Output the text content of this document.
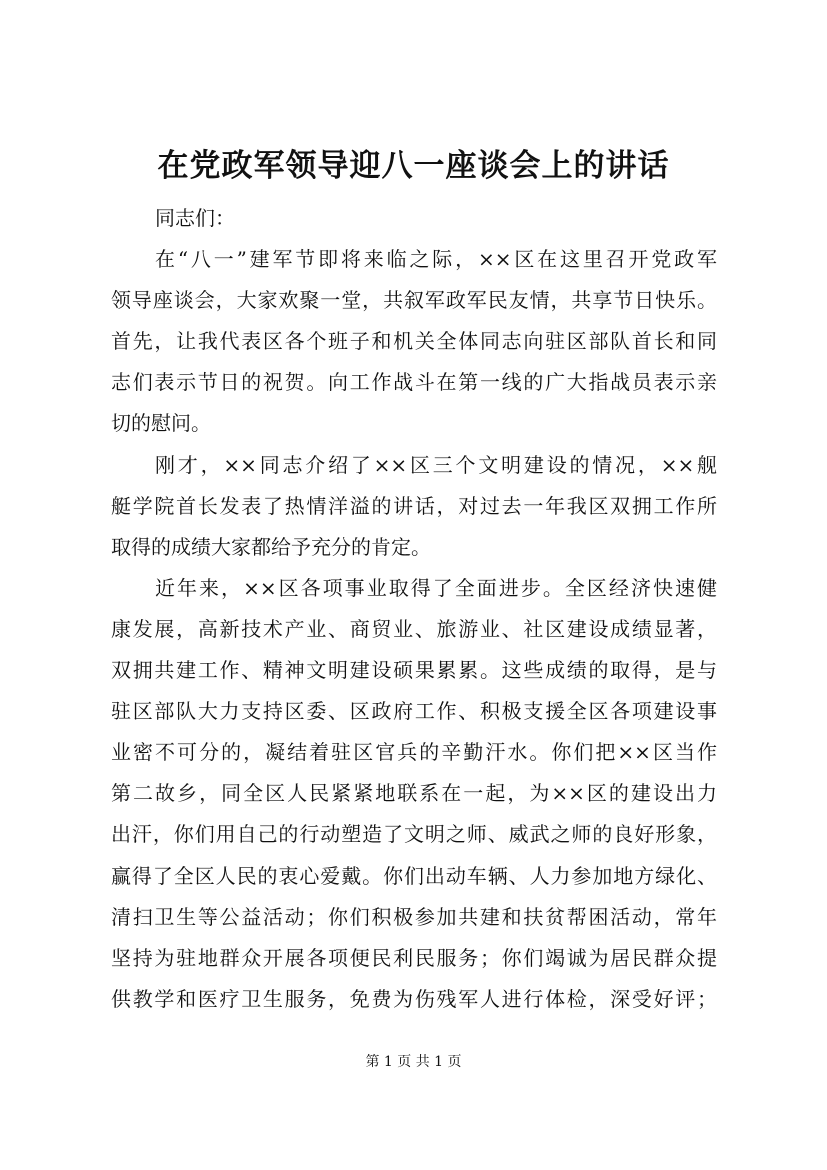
在党政军领导迎八一座谈会上的讲话
同志们：
在“八一”建军节即将来临之际，××区在这里召开党政军
领导座谈会，大家欢聚一堂，共叙军政军民友情，共享节日快乐。
首先，让我代表区各个班子和机关全体同志向驻区部队首长和同
志们表示节日的祝贺。向工作战斗在第一线的广大指战员表示亲
切的慰问。
刚才，××同志介绍了××区三个文明建设的情况，××舰
艇学院首长发表了热情洋溢的讲话，对过去一年我区双拥工作所
取得的成绩大家都给予充分的肯定。
近年来，××区各项事业取得了全面进步。全区经济快速健
康发展，高新技术产业、商贸业、旅游业、社区建设成绩显著，
双拥共建工作、精神文明建设硕果累累。这些成绩的取得，是与
驻区部队大力支持区委、区政府工作、积极支援全区各项建设事
业密不可分的，凝结着驻区官兵的辛勤汗水。你们把××区当作
第二故乡，同全区人民紧紧地联系在一起，为××区的建设出力
出汗，你们用自己的行动塑造了文明之师、威武之师的良好形象，
赢得了全区人民的衷心爱戴。你们出动车辆、人力参加地方绿化、
清扫卫生等公益活动；你们积极参加共建和扶贫帮困活动，常年
坚持为驻地群众开展各项便民利民服务；你们竭诚为居民群众提
供教学和医疗卫生服务，免费为伤残军人进行体检，深受好评；
第 1 页 共 1 页
